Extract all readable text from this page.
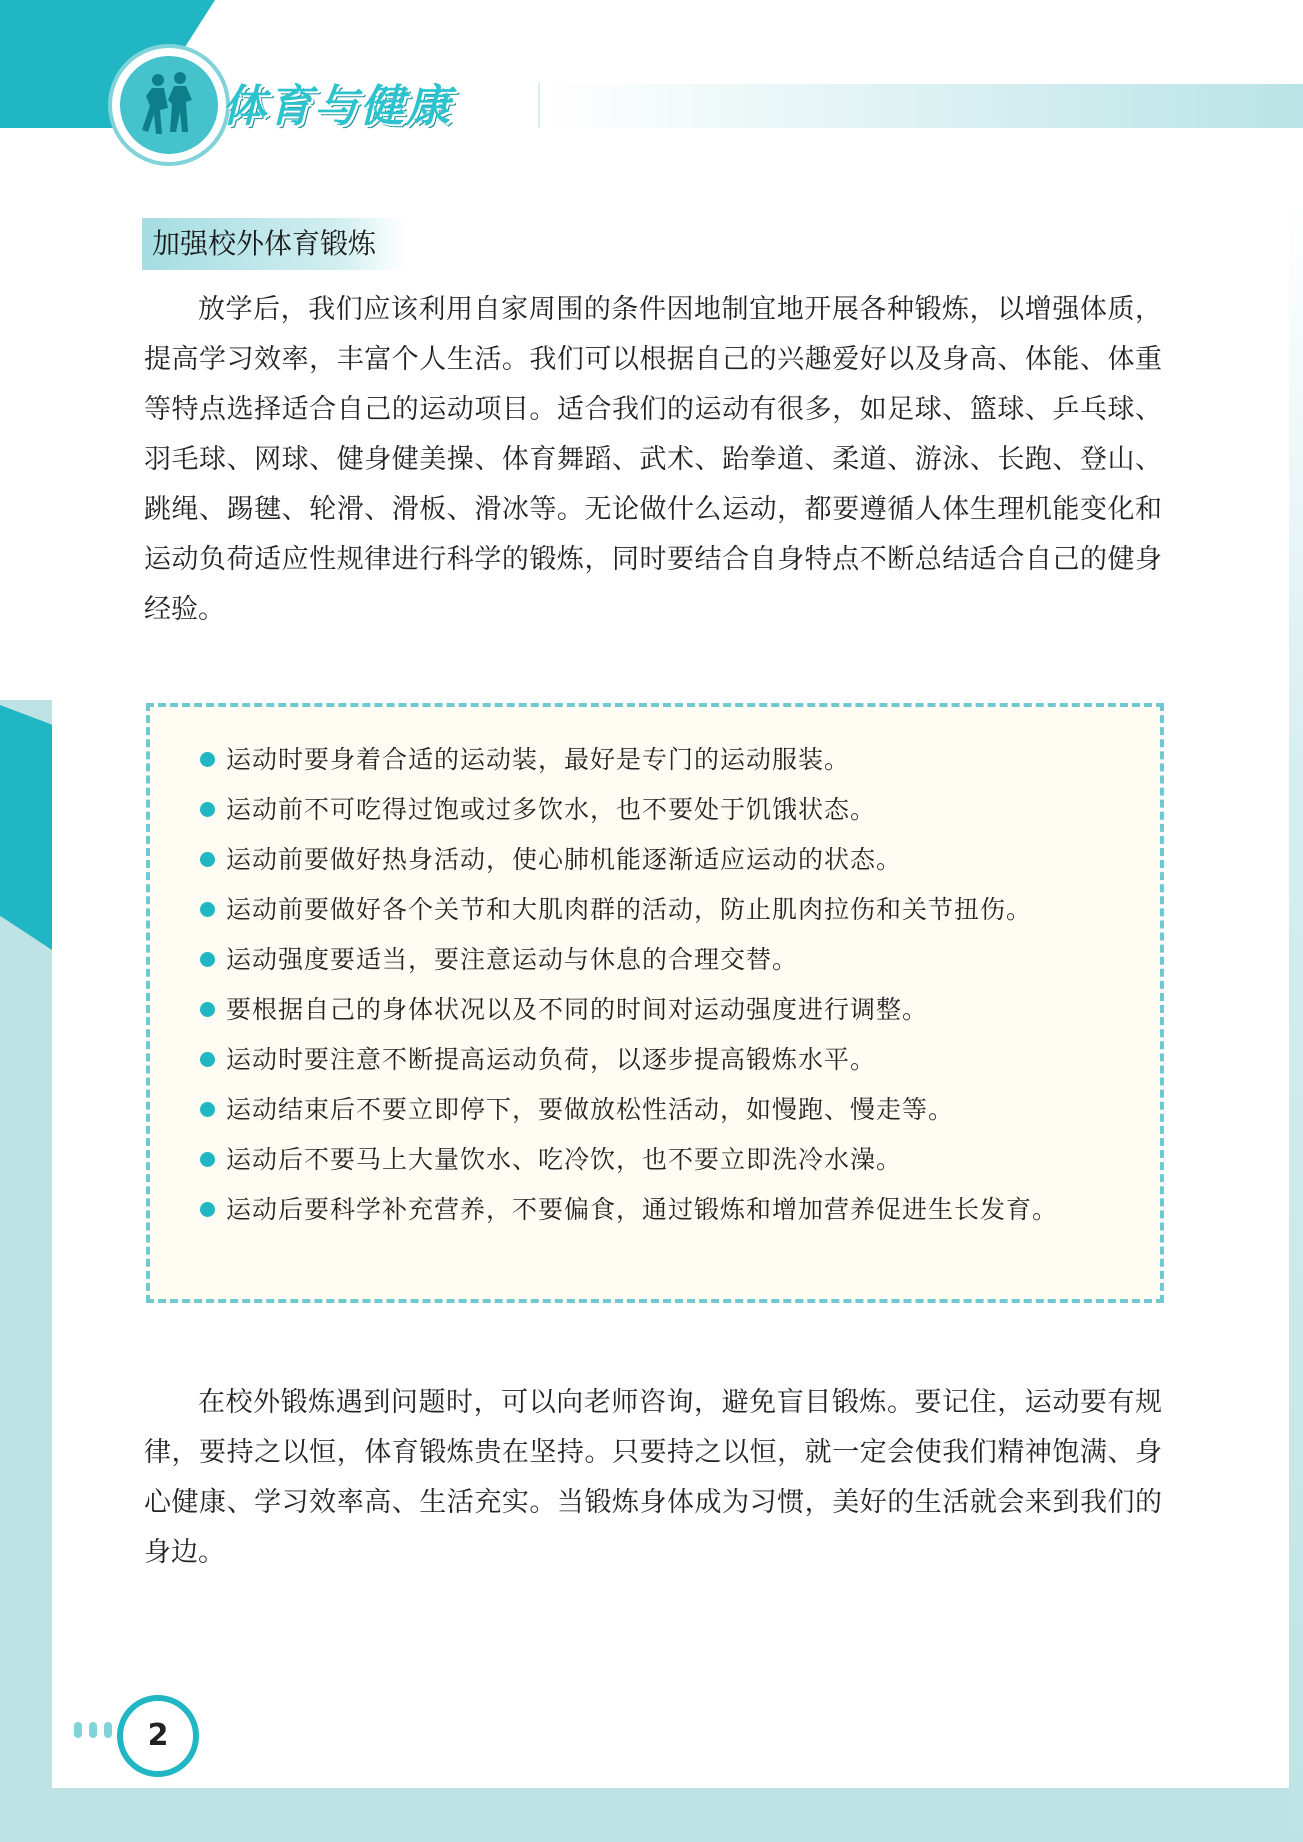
体育与健康
加强校外体育锻炼

放学后，我们应该利用自家周围的条件因地制宜地开展各种锻炼，以增强体质，提高学习效率，丰富个人生活。我们可以根据自己的兴趣爱好以及身高、体能、体重等特点选择适合自己的运动项目。适合我们的运动有很多，如足球、篮球、乒乓球、羽毛球、网球、健身健美操、体育舞蹈、武术、跆拳道、柔道、游泳、长跑、登山、跳绳、踢毽、轮滑、滑板、滑冰等。无论做什么运动，都要遵循人体生理机能变化和运动负荷适应性规律进行科学的锻炼，同时要结合自身特点不断总结适合自己的健身经验。

运动时要身着合适的运动装，最好是专门的运动服装。
运动前不可吃得过饱或过多饮水，也不要处于饥饿状态。
运动前要做好热身活动，使心肺机能逐渐适应运动的状态。
运动前要做好各个关节和大肌肉群的活动，防止肌肉拉伤和关节扭伤。
运动强度要适当，要注意运动与休息的合理交替。
要根据自己的身体状况以及不同的时间对运动强度进行调整。
运动时要注意不断提高运动负荷，以逐步提高锻炼水平。
运动结束后不要立即停下，要做放松性活动，如慢跑、慢走等。
运动后不要马上大量饮水、吃冷饮，也不要立即洗冷水澡。
运动后要科学补充营养，不要偏食，通过锻炼和增加营养促进生长发育。

在校外锻炼遇到问题时，可以向老师咨询，避免盲目锻炼。要记住，运动要有规律，要持之以恒，体育锻炼贵在坚持。只要持之以恒，就一定会使我们精神饱满、身心健康、学习效率高、生活充实。当锻炼身体成为习惯，美好的生活就会来到我们的身边。

2
